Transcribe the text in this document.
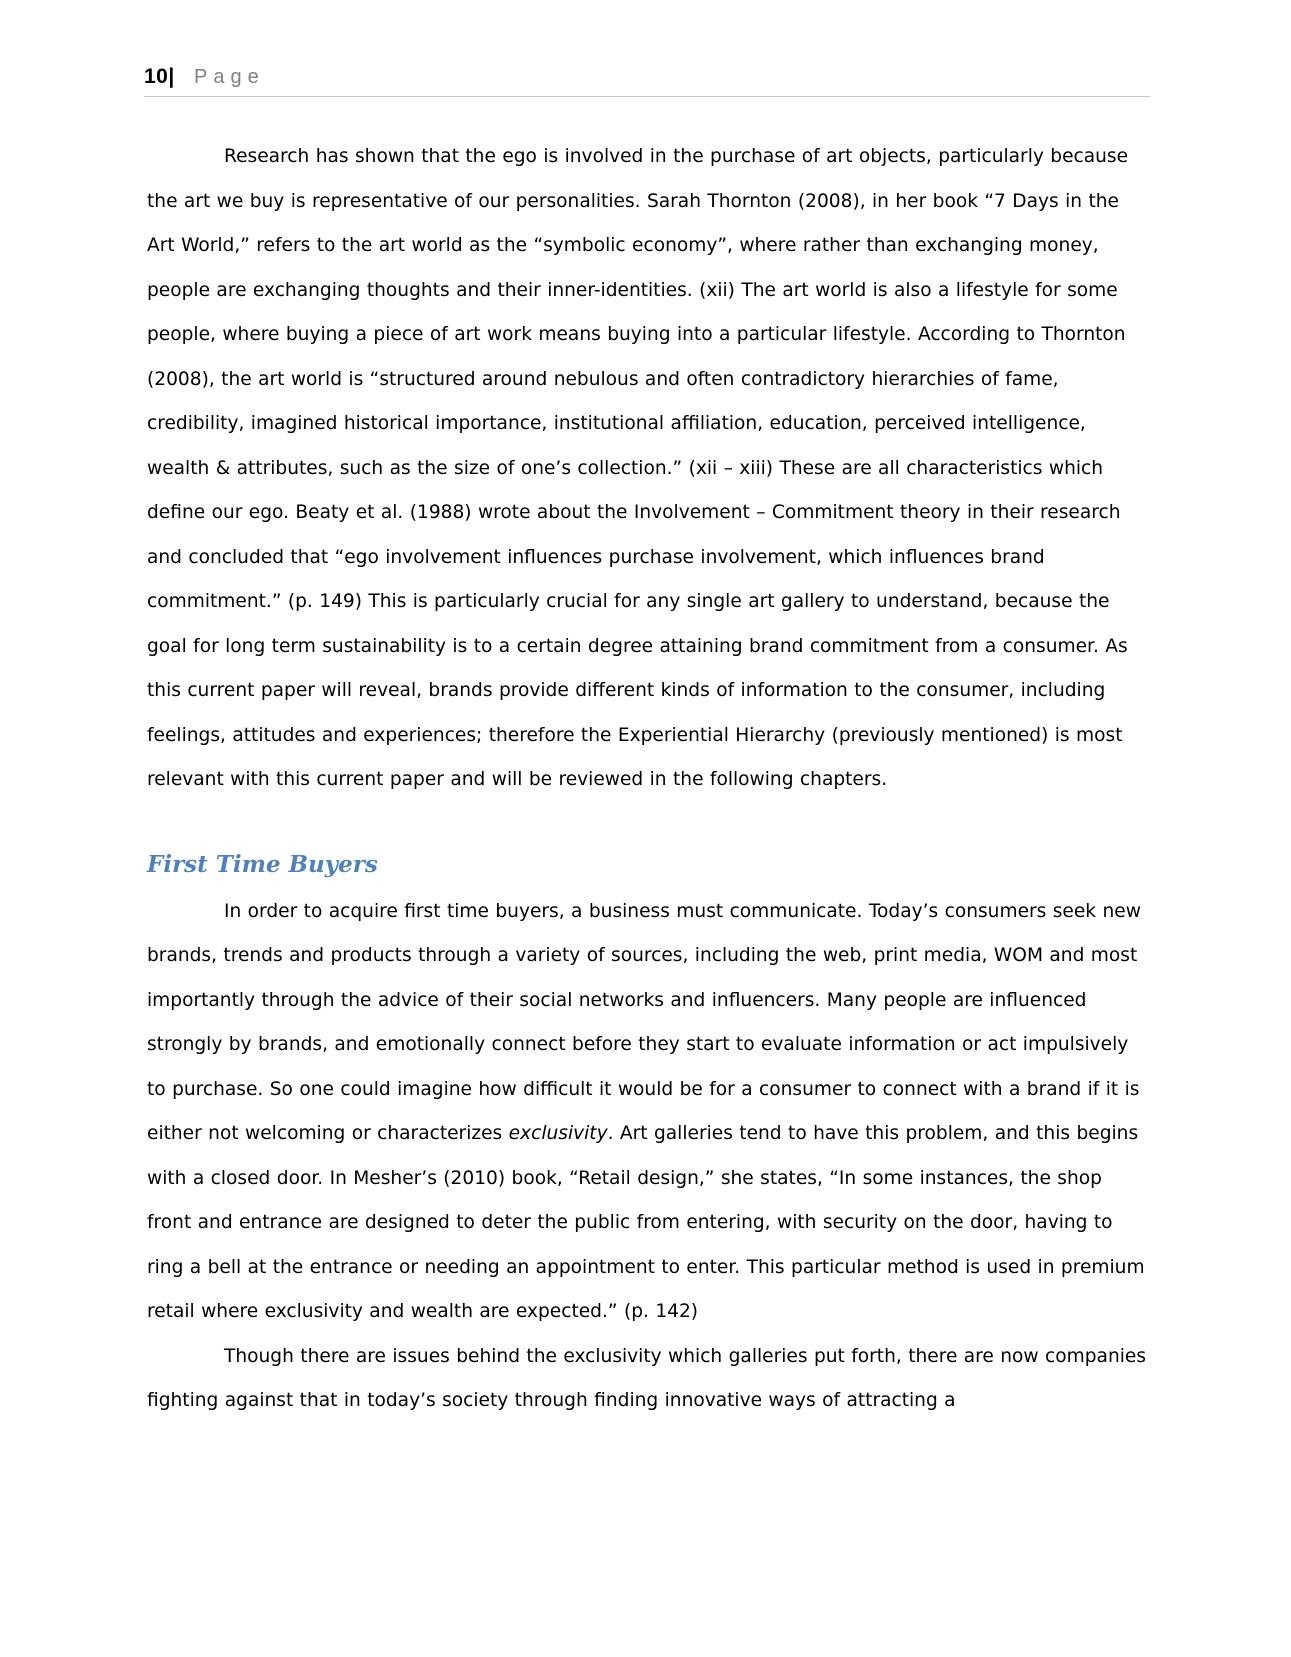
10| Page

Research has shown that the ego is involved in the purchase of art objects, particularly because the art we buy is representative of our personalities. Sarah Thornton (2008), in her book “7 Days in the Art World,” refers to the art world as the “symbolic economy”, where rather than exchanging money, people are exchanging thoughts and their inner-identities. (xii) The art world is also a lifestyle for some people, where buying a piece of art work means buying into a particular lifestyle. According to Thornton (2008), the art world is “structured around nebulous and often contradictory hierarchies of fame, credibility, imagined historical importance, institutional affiliation, education, perceived intelligence, wealth & attributes, such as the size of one’s collection.” (xii – xiii) These are all characteristics which define our ego. Beaty et al. (1988) wrote about the Involvement – Commitment theory in their research and concluded that “ego involvement influences purchase involvement, which influences brand commitment.” (p. 149) This is particularly crucial for any single art gallery to understand, because the goal for long term sustainability is to a certain degree attaining brand commitment from a consumer. As this current paper will reveal, brands provide different kinds of information to the consumer, including feelings, attitudes and experiences; therefore the Experiential Hierarchy (previously mentioned) is most relevant with this current paper and will be reviewed in the following chapters.

First Time Buyers

In order to acquire first time buyers, a business must communicate. Today’s consumers seek new brands, trends and products through a variety of sources, including the web, print media, WOM and most importantly through the advice of their social networks and influencers. Many people are influenced strongly by brands, and emotionally connect before they start to evaluate information or act impulsively to purchase. So one could imagine how difficult it would be for a consumer to connect with a brand if it is either not welcoming or characterizes exclusivity. Art galleries tend to have this problem, and this begins with a closed door. In Mesher’s (2010) book, “Retail design,” she states, “In some instances, the shop front and entrance are designed to deter the public from entering, with security on the door, having to ring a bell at the entrance or needing an appointment to enter. This particular method is used in premium retail where exclusivity and wealth are expected.” (p. 142)

Though there are issues behind the exclusivity which galleries put forth, there are now companies fighting against that in today’s society through finding innovative ways of attracting a
